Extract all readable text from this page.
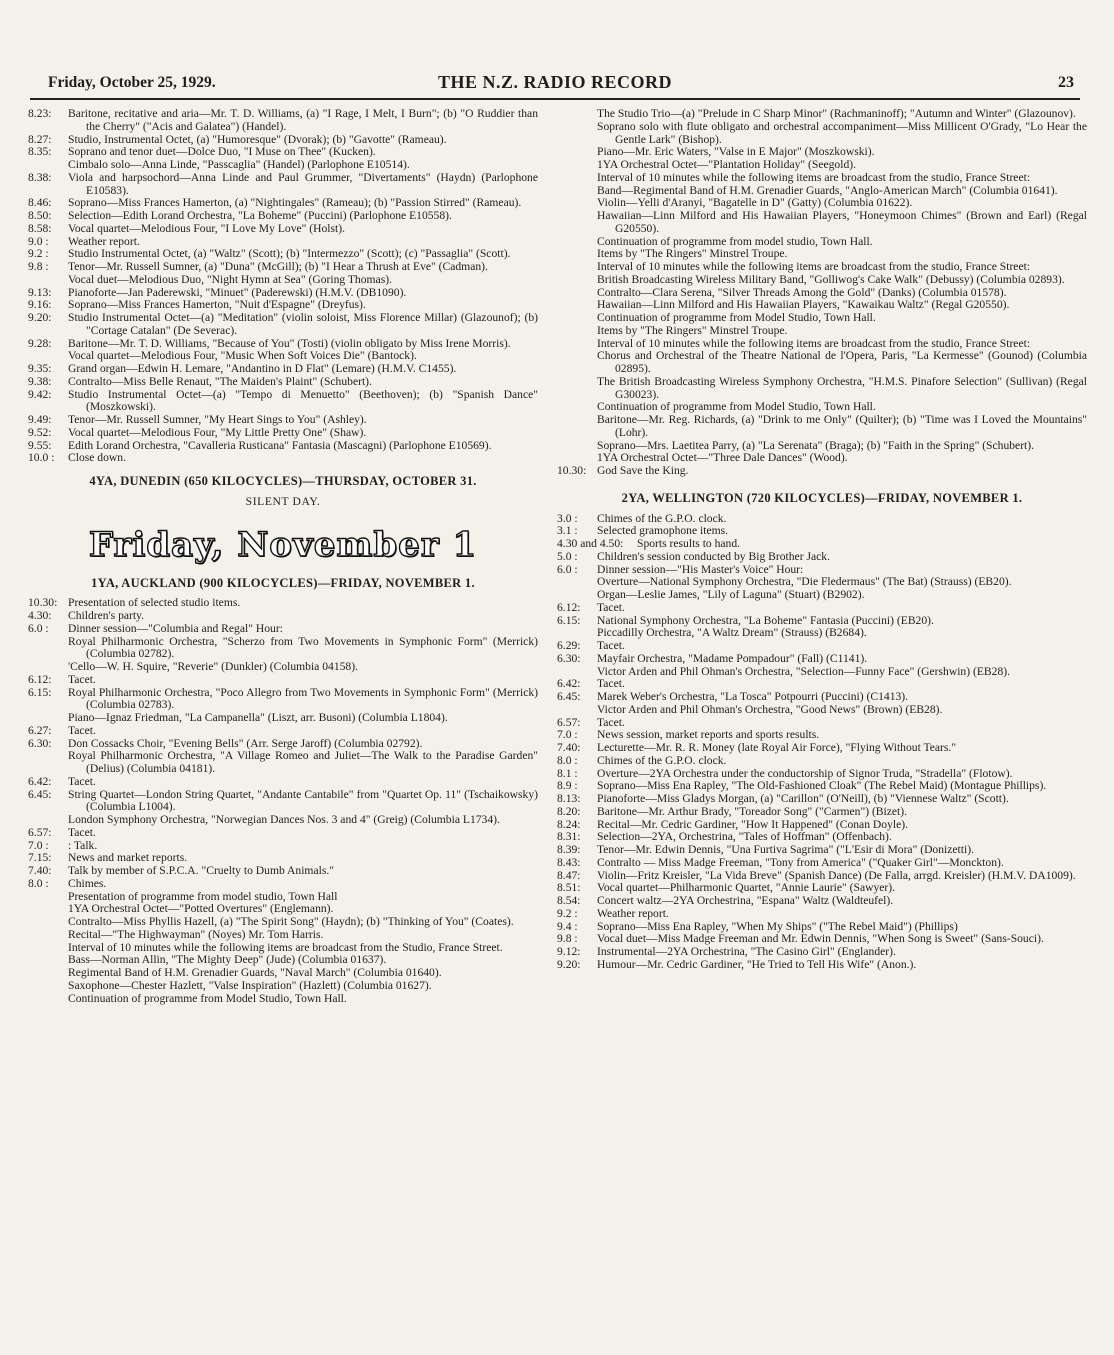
Friday, October 25, 1929.	THE N.Z. RADIO RECORD	23
8.23:	Baritone, recitative and aria—Mr. T. D. Williams, (a) "I Rage, I Melt, I Burn"; (b) "O Ruddier than the Cherry" ("Acis and Galatea") (Handel).
8.27:	Studio, Instrumental Octet, (a) "Humoresque" (Dvorak); (b) "Gavotte" (Rameau).
8.35:	Soprano and tenor duet—Dolce Duo, "I Muse on Thee" (Kucken).
Cimbalo solo—Anna Linde, "Passcaglia" (Handel) (Parlophone E10514).
8.38:	Viola and harpsochord—Anna Linde and Paul Grummer, "Divertaments" (Haydn) (Parlophone E10583).
8.46:	Soprano—Miss Frances Hamerton, (a) "Nightingales" (Rameau); (b) "Passion Stirred" (Rameau).
8.50:	Selection—Edith Lorand Orchestra, "La Boheme" (Puccini) (Parlophone E10558).
8.58:	Vocal quartet—Melodious Four, "I Love My Love" (Holst).
9.0 :	Weather report.
9.2 :	Studio Instrumental Octet, (a) "Waltz" (Scott); (b) "Intermezzo" (Scott); (c) "Passaglia" (Scott).
9.8 :	Tenor—Mr. Russell Sumner, (a) "Duna" (McGill); (b) "I Hear a Thrush at Eve" (Cadman).
Vocal duet—Melodious Duo, "Night Hymn at Sea" (Goring Thomas).
9.13:	Pianoforte—Jan Paderewski, "Minuet" (Paderewski) (H.M.V. (DB1090).
9.16:	Soprano—Miss Frances Hamerton, "Nuit d'Espagne" (Dreyfus).
9.20:	Studio Instrumental Octet—(a) "Meditation" (violin soloist, Miss Florence Millar) (Glazounof); (b) "Cortage Catalan" (De Severac).
9.28:	Baritone—Mr. T. D. Williams, "Because of You" (Tosti) (violin obligato by Miss Irene Morris).
Vocal quartet—Melodious Four, "Music When Soft Voices Die" (Bantock).
9.35:	Grand organ—Edwin H. Lemare, "Andantino in D Flat" (Lemare) (H.M.V. C1455).
9.38:	Contralto—Miss Belle Renaut, "The Maiden's Plaint" (Schubert).
9.42:	Studio Instrumental Octet—(a) "Tempo di Menuetto" (Beethoven); (b) "Spanish Dance" (Moszkowski).
9.49:	Tenor—Mr. Russell Sumner, "My Heart Sings to You" (Ashley).
9.52:	Vocal quartet—Melodious Four, "My Little Pretty One" (Shaw).
9.55:	Edith Lorand Orchestra, "Cavalleria Rusticana" Fantasia (Mascagni) (Parlophone E10569).
10.0 :	Close down.
4YA, DUNEDIN (650 KILOCYCLES)—THURSDAY, OCTOBER 31.
SILENT DAY.
Friday, November 1
1YA, AUCKLAND (900 KILOCYCLES)—FRIDAY, NOVEMBER 1.
10.30: Presentation of selected studio items.
4.30:	Children's party.
6.0 :	Dinner session—"Columbia and Regal" Hour:
Royal Philharmonic Orchestra, "Scherzo from Two Movements in Symphonic Form" (Merrick) (Columbia 02782).
'Cello—W. H. Squire, "Reverie" (Dunkler) (Columbia 04158).
6.12:	Tacet.
6.15:	Royal Philharmonic Orchestra, "Poco Allegro from Two Movements in Symphonic Form" (Merrick) (Columbia 02783).
Piano—Ignaz Friedman, "La Campanella" (Liszt, arr. Busoni) (Columbia L1804).
6.27:	Tacet.
6.30:	Don Cossacks Choir, "Evening Bells" (Arr. Serge Jaroff) (Columbia 02792).
Royal Philharmonic Orchestra, "A Village Romeo and Juliet—The Walk to the Paradise Garden" (Delius) (Columbia 04181).
6.42:	Tacet.
6.45:	String Quartet—London String Quartet, "Andante Cantabile" from "Quartet Op. 11" (Tschaikowsky) (Columbia L1004).
London Symphony Orchestra, "Norwegian Dances Nos. 3 and 4" (Greig) (Columbia L1734).
6.57:	Tacet.
7.0 :	: Talk.
7.15:	News and market reports.
7.40:	Talk by member of S.P.C.A. "Cruelty to Dumb Animals."
8.0 :	Chimes.
Presentation of programme from model studio, Town Hall
1YA Orchestral Octet—"Potted Overtures" (Englemann).
Contralto—Miss Phyllis Hazell, (a) "The Spirit Song" (Haydn); (b) "Thinking of You" (Coates).
Recital—"The Highwayman" (Noyes) Mr. Tom Harris.
Interval of 10 minutes while the following items are broadcast from the Studio, France Street.
Bass—Norman Allin, "The Mighty Deep" (Jude) (Columbia 01637).
Regimental Band of H.M. Grenadier Guards, "Naval March" (Columbia 01640).
Saxophone—Chester Hazlett, "Valse Inspiration" (Hazlett) (Columbia 01627).
Continuation of programme from Model Studio, Town Hall.
The Studio Trio—(a) "Prelude in C Sharp Minor" (Rachmaninoff); "Autumn and Winter" (Glazounov).
Soprano solo with flute obligato and orchestral accompaniment—Miss Millicent O'Grady, "Lo Hear the Gentle Lark" (Bishop).
Piano—Mr. Eric Waters, "Valse in E Major" (Moszkowski).
1YA Orchestral Octet—"Plantation Holiday" (Seegold).
Interval of 10 minutes while the following items are broadcast from the studio, France Street:
Band—Regimental Band of H.M. Grenadier Guards, "Anglo-American March" (Columbia 01641).
Violin—Yelli d'Aranyi, "Bagatelle in D" (Gatty) (Columbia 01622).
Hawaiian—Linn Milford and His Hawaiian Players, "Honeymoon Chimes" (Brown and Earl) (Regal G20550).
Continuation of programme from model studio, Town Hall.
Items by "The Ringers" Minstrel Troupe.
Interval of 10 minutes while the following items are broadcast from the studio, France Street:
British Broadcasting Wireless Military Band, "Golliwog's Cake Walk" (Debussy) (Columbia 02893).
Contralto—Clara Serena, "Silver Threads Among the Gold" (Danks) (Columbia 01578).
Hawaiian—Linn Milford and His Hawaiian Players, "Kawaikau Waltz" (Regal G20550).
Continuation of programme from Model Studio, Town Hall.
Items by "The Ringers" Minstrel Troupe.
Interval of 10 minutes while the following items are broadcast from the studio, France Street:
Chorus and Orchestral of the Theatre National de l'Opera, Paris, "La Kermesse" (Gounod) (Columbia 02895).
The British Broadcasting Wireless Symphony Orchestra, "H.M.S. Pinafore Selection" (Sullivan) (Regal G30023).
Continuation of programme from Model Studio, Town Hall.
Baritone—Mr. Reg. Richards, (a) "Drink to me Only" (Quilter); (b) "Time was I Loved the Mountains" (Lohr).
Soprano—Mrs. Laetitea Parry, (a) "La Serenata" (Braga); (b) "Faith in the Spring" (Schubert).
1YA Orchestral Octet—"Three Dale Dances" (Wood).
10.30: God Save the King.
2YA, WELLINGTON (720 KILOCYCLES)—FRIDAY, NOVEMBER 1.
3.0 :	Chimes of the G.P.O. clock.
3.1 :	Selected gramophone items.
4.30 and 4.50:	Sports results to hand.
5.0 :	Children's session conducted by Big Brother Jack.
6.0 :	Dinner session—"His Master's Voice" Hour:
Overture—National Symphony Orchestra, "Die Fledermaus" (The Bat) (Strauss) (EB20).
Organ—Leslie James, "Lily of Laguna" (Stuart) (B2902).
6.12:	Tacet.
6.15:	National Symphony Orchestra, "La Boheme" Fantasia (Puccini) (EB20).
Piccadilly Orchestra, "A Waltz Dream" (Strauss) (B2684).
6.29:	Tacet.
6.30:	Mayfair Orchestra, "Madame Pompadour" (Fall) (C1141).
Victor Arden and Phil Ohman's Orchestra, "Selection—Funny Face" (Gershwin) (EB28).
6.42:	Tacet.
6.45:	Marek Weber's Orchestra, "La Tosca" Potpourri (Puccini) (C1413).
Victor Arden and Phil Ohman's Orchestra, "Good News" (Brown) (EB28).
6.57:	Tacet.
7.0 :	News session, market reports and sports results.
7.40:	Lecturette—Mr. R. R. Money (late Royal Air Force), "Flying Without Tears."
8.0 :	Chimes of the G.P.O. clock.
8.1 :	Overture—2YA Orchestra under the conductorship of Signor Truda, "Stradella" (Flotow).
8.9 :	Soprano—Miss Ena Rapley, "The Old-Fashioned Cloak" (The Rebel Maid) (Montague Phillips).
8.13:	Pianoforte—Miss Gladys Morgan, (a) "Carillon" (O'Neill), (b) "Viennese Waltz" (Scott).
8.20:	Baritone—Mr. Arthur Brady, "Toreador Song" ("Carmen") (Bizet).
8.24:	Recital—Mr. Cedric Gardiner, "How It Happened" (Conan Doyle).
8.31:	Selection—2YA, Orchestrina, "Tales of Hoffman" (Offenbach).
8.39:	Tenor—Mr. Edwin Dennis, "Una Furtiva Sagrima" ("L'Esir di Mora" (Donizetti).
8.43:	Contralto — Miss Madge Freeman, "Tony from America" ("Quaker Girl"—Monckton).
8.47:	Violin—Fritz Kreisler, "La Vida Breve" (Spanish Dance) (De Falla, arrgd. Kreisler) (H.M.V. DA1009).
8.51:	Vocal quartet—Philharmonic Quartet, "Annie Laurie" (Sawyer).
8.54:	Concert waltz—2YA Orchestrina, "Espana" Waltz (Waldteufel).
9.2 :	Weather report.
9.4 :	Soprano—Miss Ena Rapley, "When My Ships" ("The Rebel Maid") (Phillips)
9.8 :	Vocal duet—Miss Madge Freeman and Mr. Edwin Dennis, "When Song is Sweet" (Sans-Souci).
9.12:	Instrumental—2YA Orchestrina, "The Casino Girl" (Englander).
9.20:	Humour—Mr. Cedric Gardiner, "He Tried to Tell His Wife" (Anon.).
